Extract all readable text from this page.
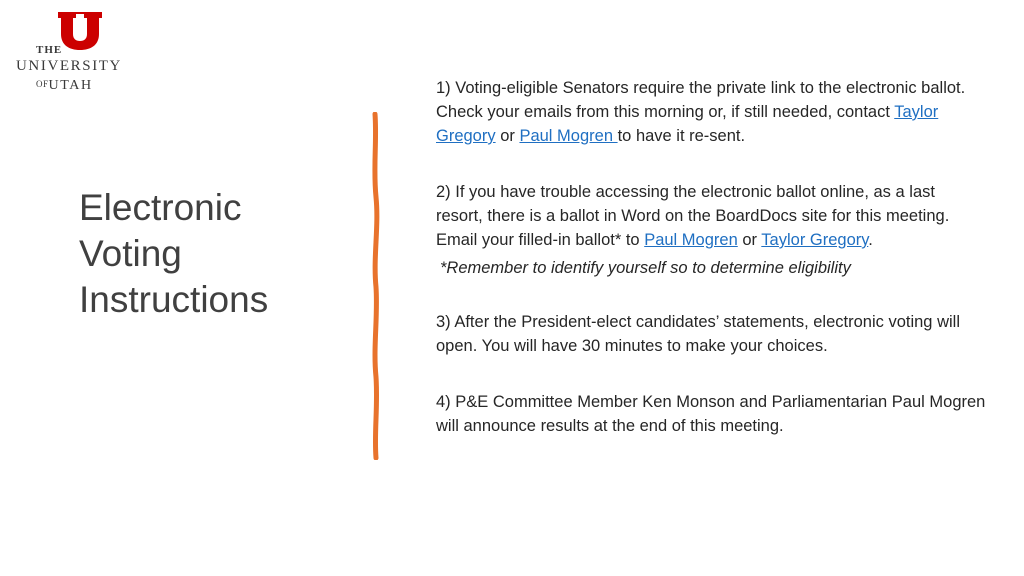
THE
UNIVERSITY
OFUTAH
Electronic
Voting
Instructions

1) Voting-eligible Senators require the private link to the electronic ballot. Check your emails from this morning or, if still needed, contact Taylor Gregory or Paul Mogren to have it re-sent.

2) If you have trouble accessing the electronic ballot online, as a last resort, there is a ballot in Word on the BoardDocs site for this meeting. Email your filled-in ballot* to Paul Mogren or Taylor Gregory.

*Remember to identify yourself so to determine eligibility

3) After the President-elect candidates’ statements, electronic voting will open. You will have 30 minutes to make your choices.

4) P&E Committee Member Ken Monson and Parliamentarian Paul Mogren will announce results at the end of this meeting.
